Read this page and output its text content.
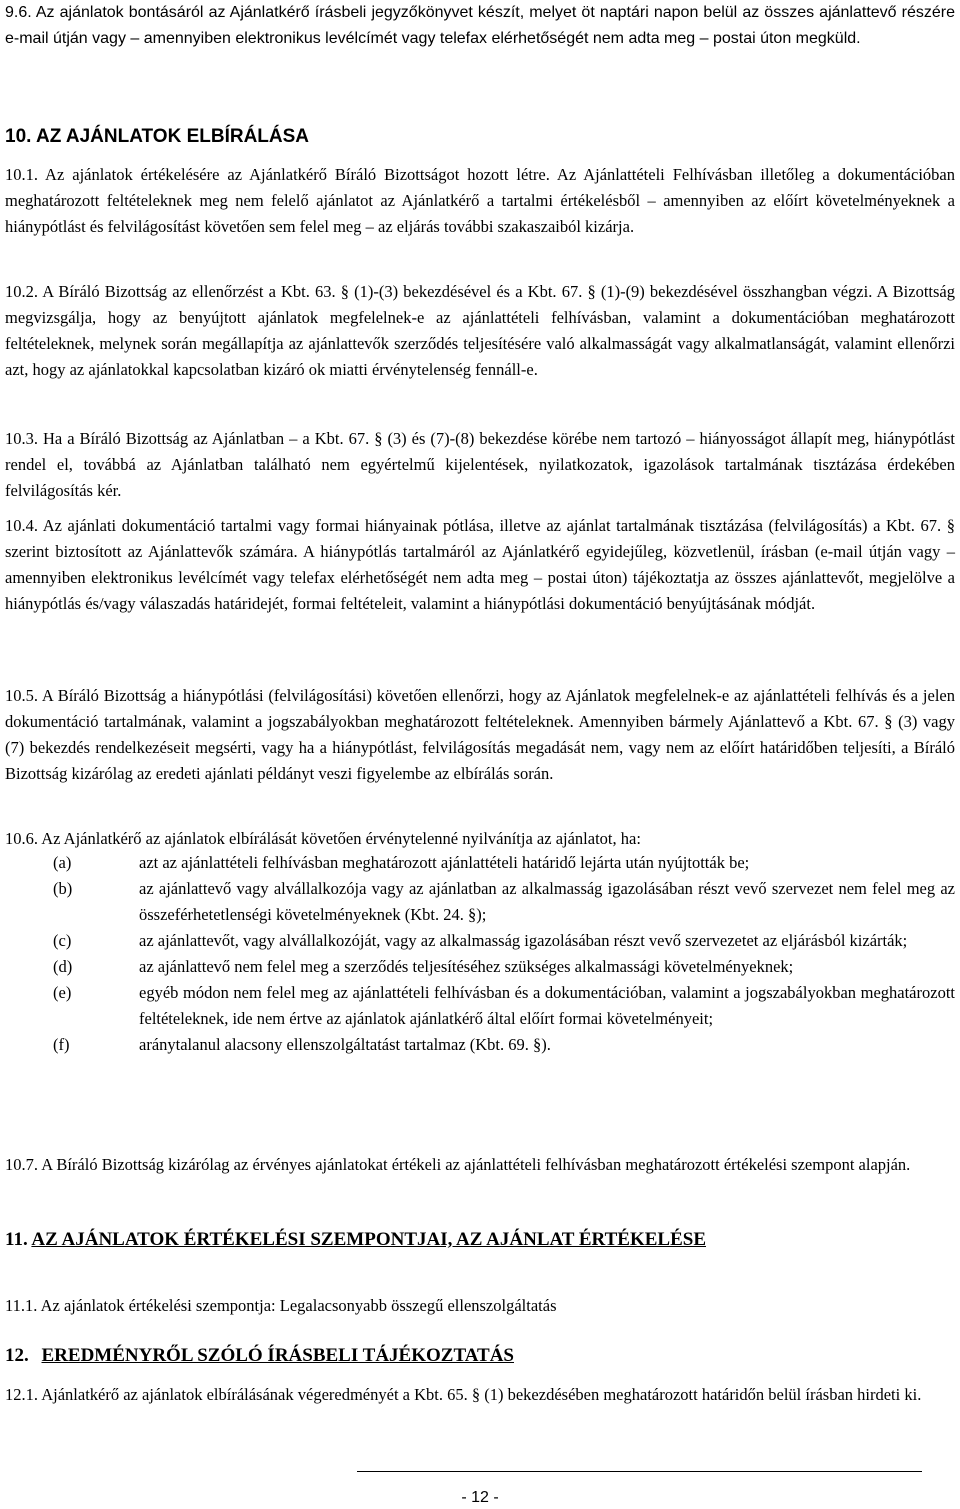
9.6. Az ajánlatok bontásáról az Ajánlatkérő írásbeli jegyzőkönyvet készít, melyet öt naptári napon belül az összes ajánlattevő részére e-mail útján vagy – amennyiben elektronikus levélcímét vagy telefax elérhetőségét nem adta meg – postai úton megküld.

10. AZ AJÁNLATOK ELBÍRÁLÁSA

10.1. Az ajánlatok értékelésére az Ajánlatkérő Bíráló Bizottságot hozott létre. Az Ajánlattételi Felhívásban illetőleg a dokumentációban meghatározott feltételeknek meg nem felelő ajánlatot az Ajánlatkérő a tartalmi értékelésből – amennyiben az előírt követelményeknek a hiánypótlást és felvilágosítást követően sem felel meg – az eljárás további szakaszaiból kizárja.

10.2. A Bíráló Bizottság az ellenőrzést a Kbt. 63. § (1)-(3) bekezdésével és a Kbt. 67. § (1)-(9) bekezdésével összhangban végzi. A Bizottság megvizsgálja, hogy az benyújtott ajánlatok megfelelnek-e az ajánlattételi felhívásban, valamint a dokumentációban meghatározott feltételeknek, melynek során megállapítja az ajánlattevők szerződés teljesítésére való alkalmasságát vagy alkalmatlanságát, valamint ellenőrzi azt, hogy az ajánlatokkal kapcsolatban kizáró ok miatti érvénytelenség fennáll-e.

10.3. Ha a Bíráló Bizottság az Ajánlatban – a Kbt. 67. § (3) és (7)-(8) bekezdése körébe nem tartozó – hiányosságot állapít meg, hiánypótlást rendel el, továbbá az Ajánlatban található nem egyértelmű kijelentések, nyilatkozatok, igazolások tartalmának tisztázása érdekében felvilágosítás kér.

10.4. Az ajánlati dokumentáció tartalmi vagy formai hiányainak pótlása, illetve az ajánlat tartalmának tisztázása (felvilágosítás) a Kbt. 67. § szerint biztosított az Ajánlattevők számára. A hiánypótlás tartalmáról az Ajánlatkérő egyidejűleg, közvetlenül, írásban (e-mail útján vagy – amennyiben elektronikus levélcímét vagy telefax elérhetőségét nem adta meg – postai úton) tájékoztatja az összes ajánlattevőt, megjelölve a hiánypótlás és/vagy válaszadás határidejét, formai feltételeit, valamint a hiánypótlási dokumentáció benyújtásának módját.

10.5. A Bíráló Bizottság a hiánypótlási (felvilágosítási) követően ellenőrzi, hogy az Ajánlatok megfelelnek-e az ajánlattételi felhívás és a jelen dokumentáció tartalmának, valamint a jogszabályokban meghatározott feltételeknek. Amennyiben bármely Ajánlattevő a Kbt. 67. § (3) vagy (7) bekezdés rendelkezéseit megsérti, vagy ha a hiánypótlást, felvilágosítás megadását nem, vagy nem az előírt határidőben teljesíti, a Bíráló Bizottság kizárólag az eredeti ajánlati példányt veszi figyelembe az elbírálás során.

10.6. Az Ajánlatkérő az ajánlatok elbírálását követően érvénytelenné nyilvánítja az ajánlatot, ha:

(a)	azt az ajánlattételi felhívásban meghatározott ajánlattételi határidő lejárta után nyújtották be;
(b)	az ajánlattevő vagy alvállalkozója vagy az ajánlatban az alkalmasság igazolásában részt vevő szervezet nem felel meg az összeférhetetlenségi követelményeknek (Kbt. 24. §);
(c)	az ajánlattevőt, vagy alvállalkozóját, vagy az alkalmasság igazolásában részt vevő szervezetet az eljárásból kizárták;
(d)	az ajánlattevő nem felel meg a szerződés teljesítéséhez szükséges alkalmassági követelményeknek;
(e)	egyéb módon nem felel meg az ajánlattételi felhívásban és a dokumentációban, valamint a jogszabályokban meghatározott feltételeknek, ide nem értve az ajánlatok ajánlatkérő által előírt formai követelményeit;
(f)	aránytalanul alacsony ellenszolgáltatást tartalmaz (Kbt. 69. §).

10.7. A Bíráló Bizottság kizárólag az érvényes ajánlatokat értékeli az ajánlattételi felhívásban meghatározott értékelési szempont alapján.

11. AZ AJÁNLATOK ÉRTÉKELÉSI SZEMPONTJAI, AZ AJÁNLAT ÉRTÉKELÉSE

11.1. Az ajánlatok értékelési szempontja: Legalacsonyabb összegű ellenszolgáltatás

12. EREDMÉNYRŐL SZÓLÓ ÍRÁSBELI TÁJÉKOZTATÁS

12.1. Ajánlatkérő az ajánlatok elbírálásának végeredményét a Kbt. 65. § (1) bekezdésében meghatározott határidőn belül írásban hirdeti ki.

- 12 -
